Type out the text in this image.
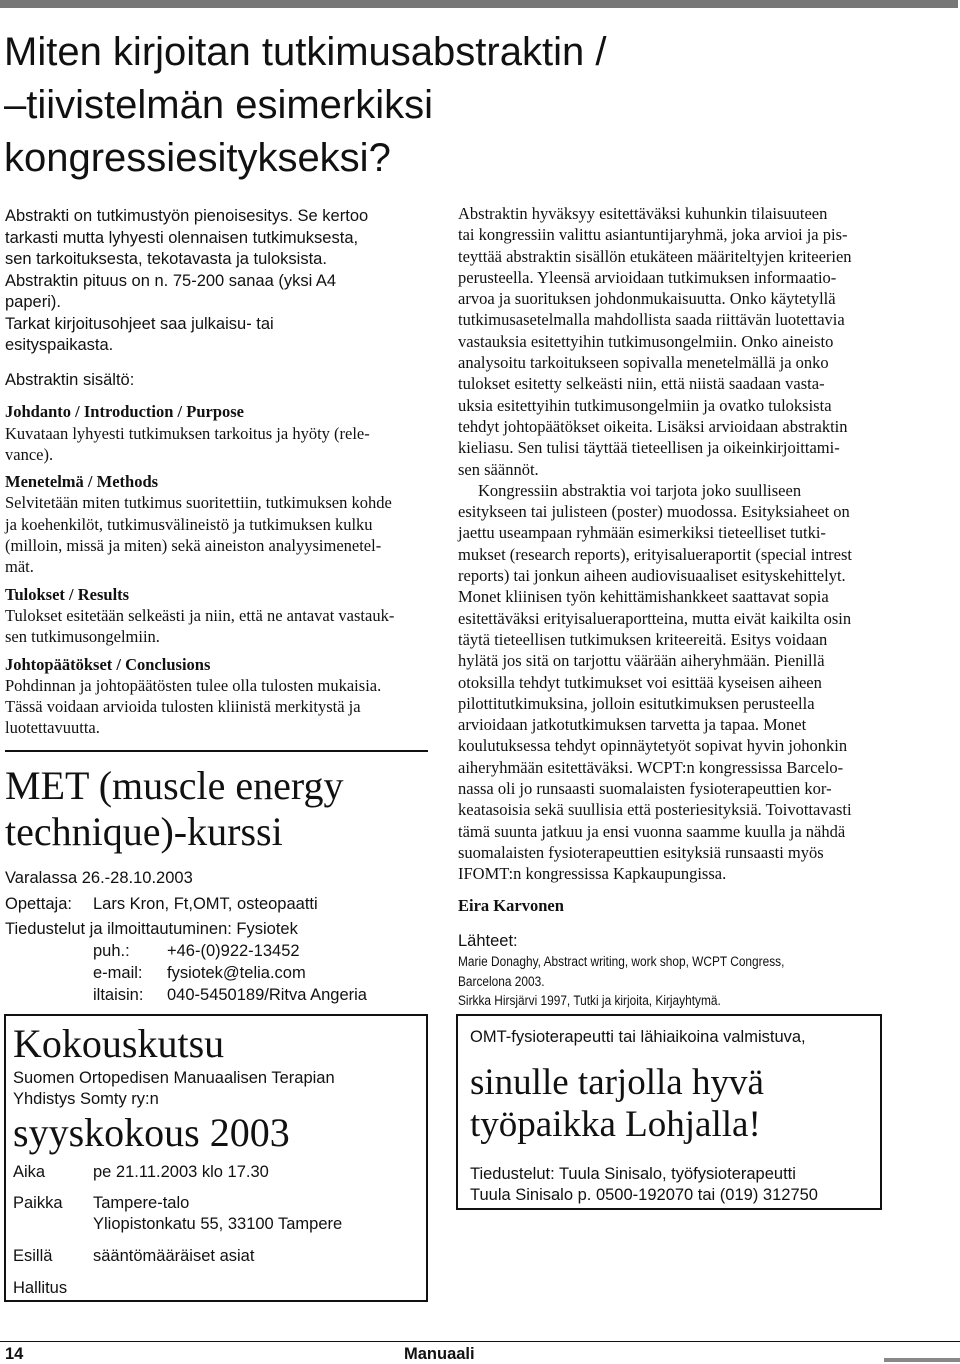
Miten kirjoitan tutkimusabstraktin /
–tiivistelmän esimerkiksi
kongressiesitykseksi?
Abstrakti on tutkimustyön pienoisesitys. Se kertoo
tarkasti mutta lyhyesti olennaisen tutkimuksesta,
sen tarkoituksesta, tekotavasta ja tuloksista.
Abstraktin pituus on n. 75-200 sanaa (yksi A4
paperi).
Tarkat kirjoitusohjeet saa julkaisu- tai
esityspaikasta.
Abstraktin sisältö:
Johdanto / Introduction / Purpose
Kuvataan lyhyesti tutkimuksen tarkoitus ja hyöty (rele-
vance).
Menetelmä / Methods
Selvitetään miten tutkimus suoritettiin, tutkimuksen kohde
ja koehenkilöt, tutkimusvälineistö ja tutkimuksen kulku
(milloin, missä ja miten) sekä aineiston analyysimenetel-
mät.
Tulokset / Results
Tulokset esitetään selkeästi ja niin, että ne antavat vastauk-
sen tutkimusongelmiin.
Johtopäätökset / Conclusions
Pohdinnan ja johtopäätösten tulee olla tulosten mukaisia.
Tässä voidaan arvioida tulosten kliinistä merkitystä ja
luotettavuutta.
MET (muscle energy
technique)-kurssi
Varalassa 26.-28.10.2003
Opettaja:	Lars Kron, Ft,OMT, osteopaatti
Tiedustelut ja ilmoittautuminen: Fysiotek
puh.:	+46-(0)922-13452
e-mail:	fysiotek@telia.com
iltaisin:	040-5450189/Ritva Angeria
Kokouskutsu
Suomen Ortopedisen Manuaalisen Terapian
Yhdistys Somty ry:n
syyskokous 2003
Aika	pe 21.11.2003 klo 17.30
Paikka	Tampere-talo
Yliopistonkatu 55, 33100 Tampere
Esillä	sääntömääräiset asiat
Hallitus
Abstraktin hyväksyy esitettäväksi kuhunkin tilaisuuteen
tai kongressiin valittu asiantuntijaryhmä, joka arvioi ja pis-
teyttää abstraktin sisällön etukäteen määriteltyjen kriteerien
perusteella. Yleensä arvioidaan tutkimuksen informaatio-
arvoa ja suorituksen johdonmukaisuutta. Onko käytetyllä
tutkimusasetelmalla mahdollista saada riittävän luotettavia
vastauksia esitettyihin tutkimusongelmiin. Onko aineisto
analysoitu tarkoitukseen sopivalla menetelmällä ja onko
tulokset esitetty selkeästi niin, että niistä saadaan vasta-
uksia esitettyihin tutkimusongelmiin ja ovatko tuloksista
tehdyt johtopäätökset oikeita. Lisäksi arvioidaan abstraktin
kieliasu. Sen tulisi täyttää tieteellisen ja oikeinkirjoittami-
sen säännöt.
Kongressiin abstraktia voi tarjota joko suulliseen
esitykseen tai julisteen (poster) muodossa. Esityksiaheet on
jaettu useampaan ryhmään esimerkiksi tieteelliset tutki-
mukset (research reports), erityisalueraportit (special intrest
reports) tai jonkun aiheen audiovisuaaliset esityskehittelyt.
Monet kliinisen työn kehittämishankkeet saattavat sopia
esitettäväksi erityisalueraportteina, mutta eivät kaikilta osin
täytä tieteellisen tutkimuksen kriteereitä. Esitys voidaan
hylätä jos sitä on tarjottu väärään aiheryhmään. Pienillä
otoksilla tehdyt tutkimukset voi esittää kyseisen aiheen
pilottitutkimuksina, jolloin esitutkimuksen perusteella
arvioidaan jatkotutkimuksen tarvetta ja tapaa. Monet
koulutuksessa tehdyt opinnäytetyöt sopivat hyvin johonkin
aiheryhmään esitettäväksi. WCPT:n kongressissa Barcelo-
nassa oli jo runsaasti suomalaisten fysioterapeuttien kor-
keatasoisia sekä suullisia että posteriesityksiä. Toivottavasti
tämä suunta jatkuu ja ensi vuonna saamme kuulla ja nähdä
suomalaisten fysioterapeuttien esityksiä runsaasti myös
IFOMT:n kongressissa Kapkaupungissa.
Eira Karvonen
Lähteet:
Marie Donaghy, Abstract writing, work shop, WCPT Congress,
Barcelona 2003.
Sirkka Hirsjärvi 1997, Tutki ja kirjoita, Kirjayhtymä.
OMT-fysioterapeutti tai lähiaikoina valmistuva,
sinulle tarjolla hyvä
työpaikka Lohjalla!
Tiedustelut: Tuula Sinisalo, työfysioterapeutti
Tuula Sinisalo p. 0500-192070 tai (019) 312750
14	Manuaali
